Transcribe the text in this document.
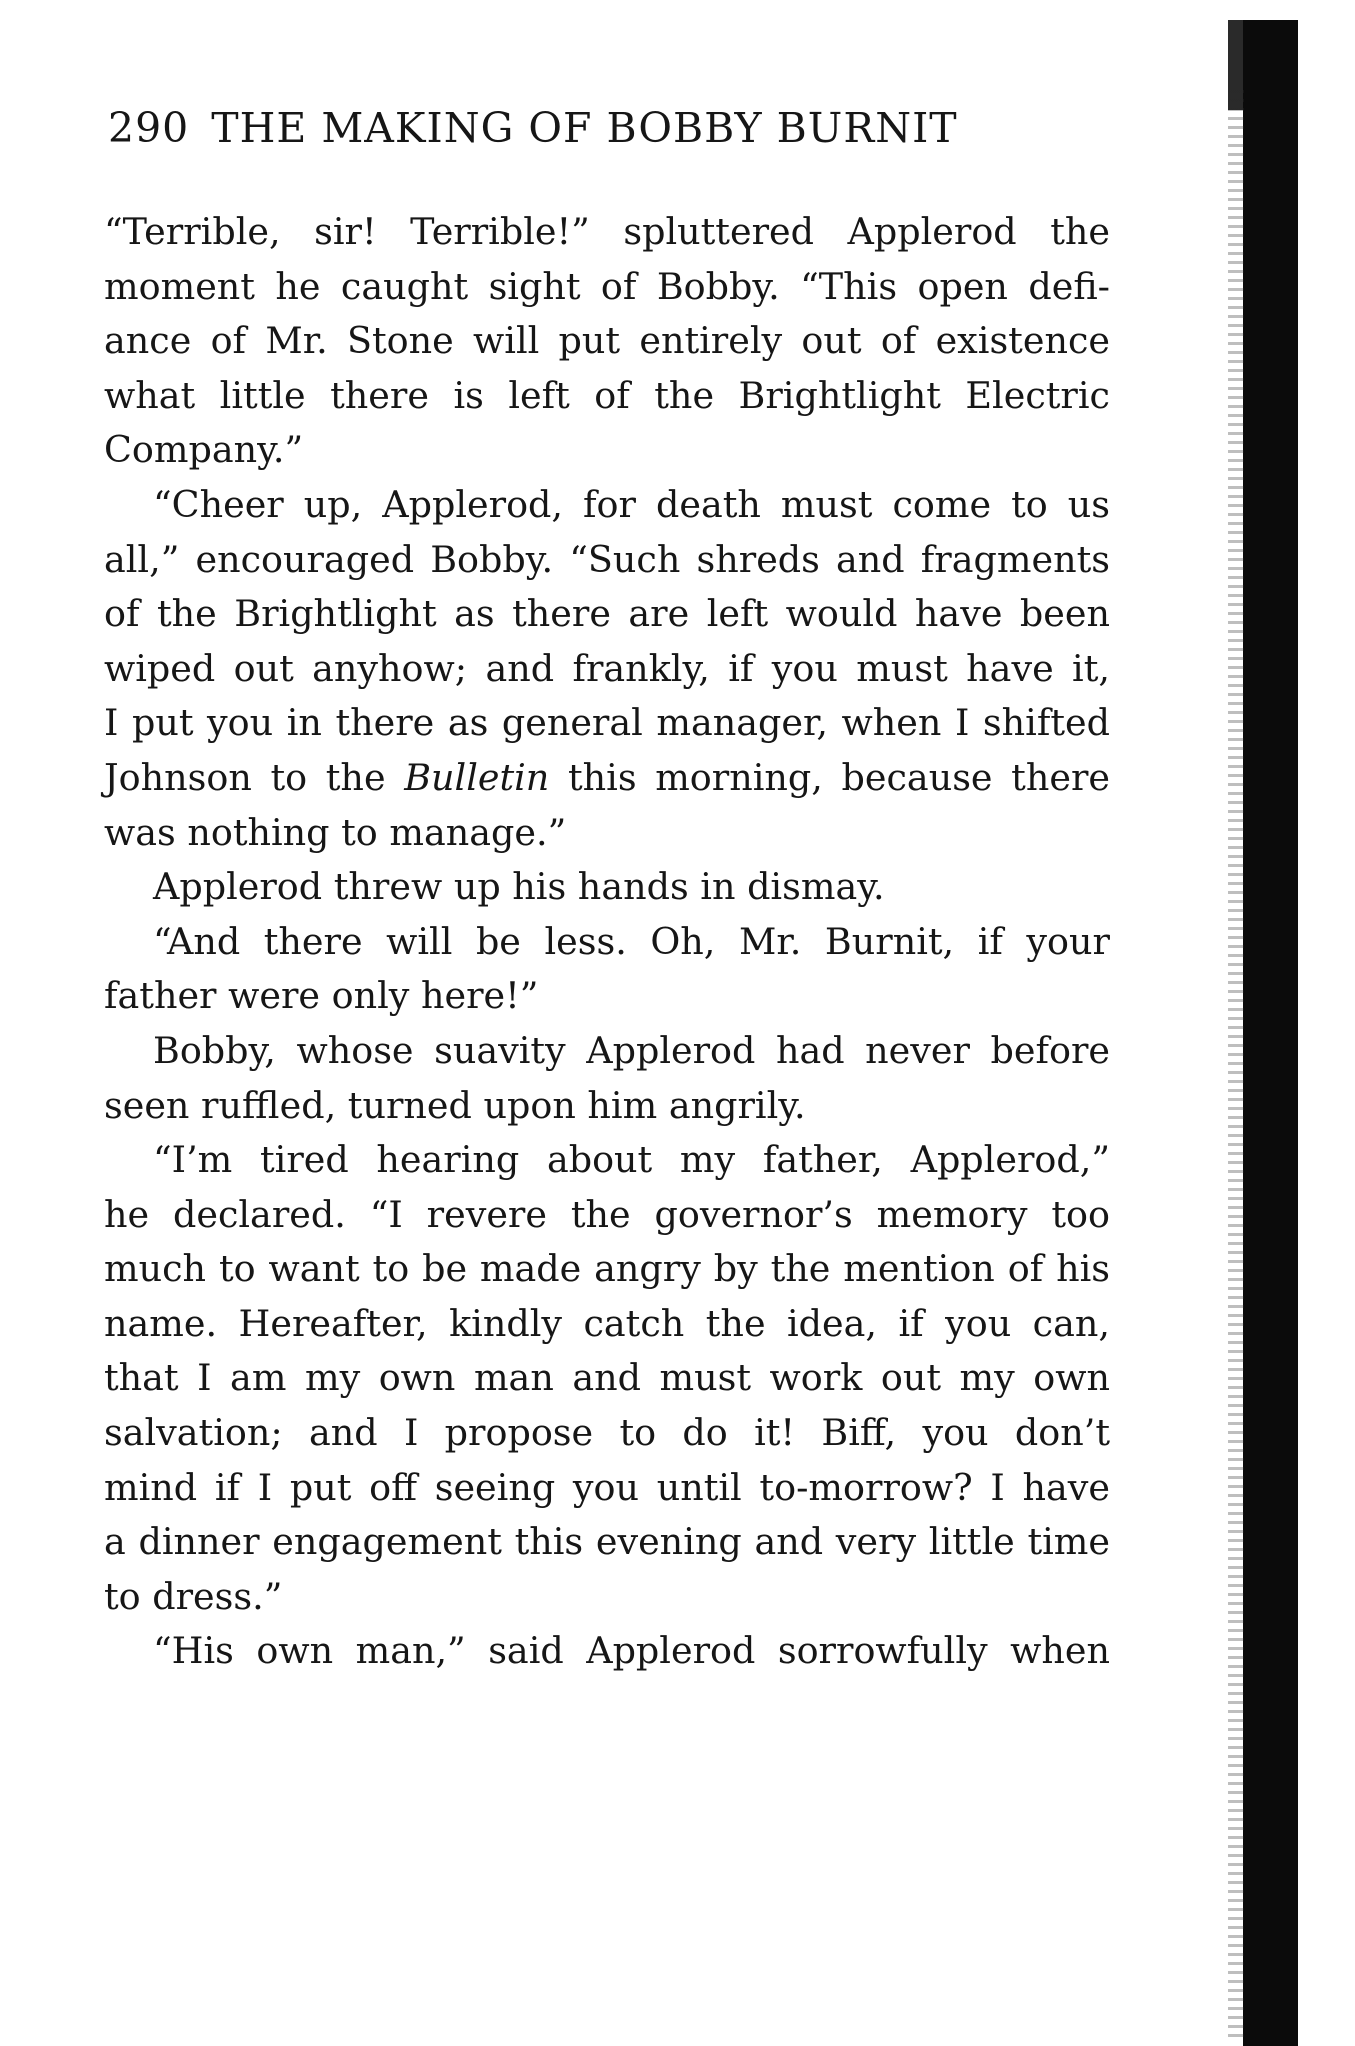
290 THE MAKING OF BOBBY BURNIT
“Terrible, sir! Terrible!” spluttered Applerod the
moment he caught sight of Bobby. “This open defi-
ance of Mr. Stone will put entirely out of existence
what little there is left of the Brightlight Electric
Company.”
“Cheer up, Applerod, for death must come to us
all,” encouraged Bobby. “Such shreds and fragments
of the Brightlight as there are left would have been
wiped out anyhow; and frankly, if you must have it,
I put you in there as general manager, when I shifted
Johnson to the Bulletin this morning, because there
was nothing to manage.”
Applerod threw up his hands in dismay.
“And there will be less. Oh, Mr. Burnit, if your
father were only here!”
Bobby, whose suavity Applerod had never before
seen ruffled, turned upon him angrily.
“I’m tired hearing about my father, Applerod,”
he declared. “I revere the governor’s memory too
much to want to be made angry by the mention of his
name. Hereafter, kindly catch the idea, if you can,
that I am my own man and must work out my own
salvation; and I propose to do it! Biff, you don’t
mind if I put off seeing you until to-morrow? I have
a dinner engagement this evening and very little time
to dress.”
“His own man,” said Applerod sorrowfully when
